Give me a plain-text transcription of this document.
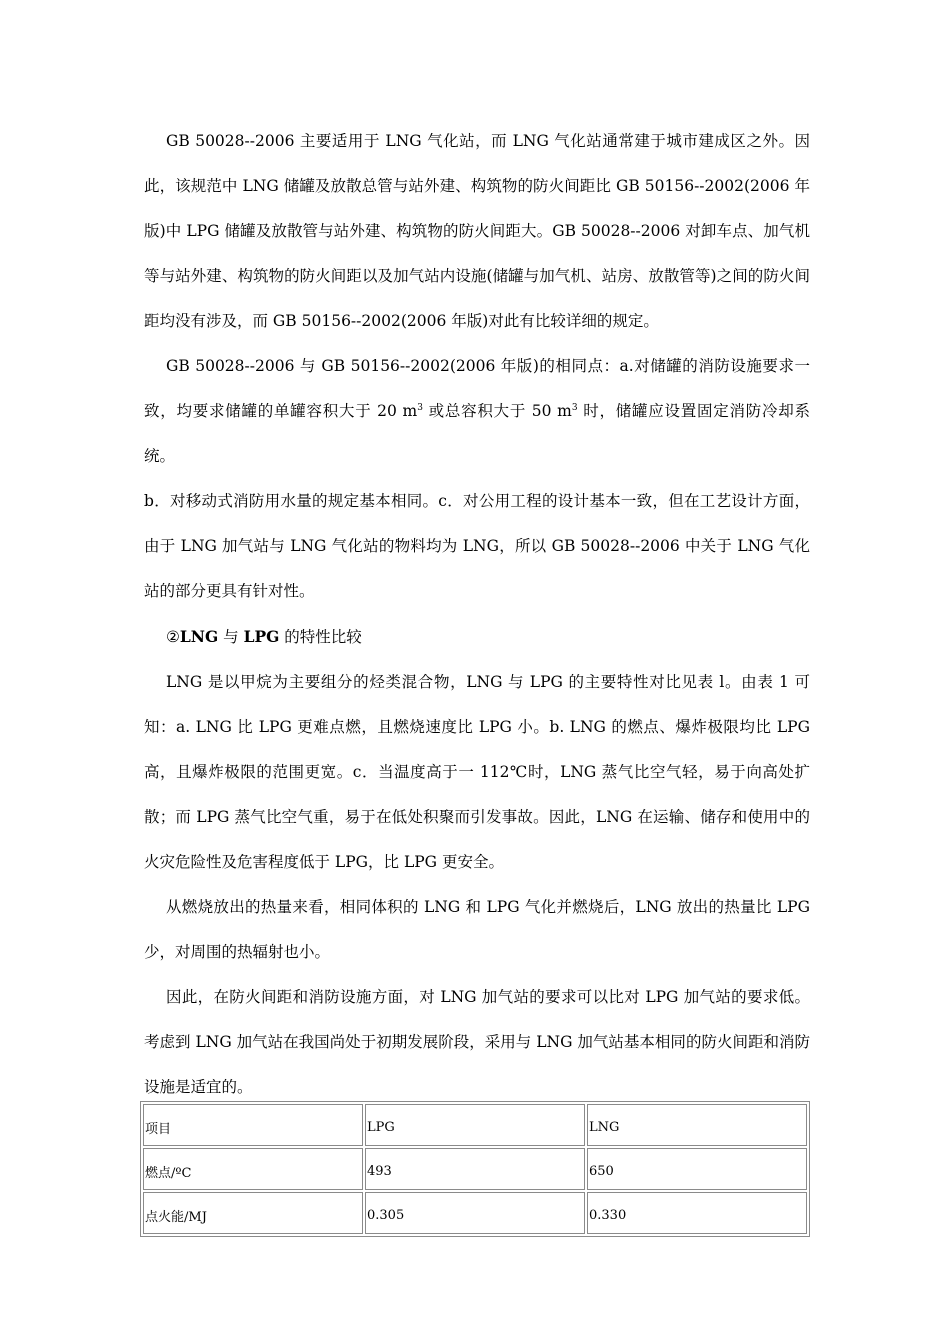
GB 50028--2006 主要适用于 LNG 气化站，而 LNG 气化站通常建于城市建成区之外。因此，该规范中 LNG 储罐及放散总管与站外建、构筑物的防火间距比 GB 50156--2002(2006 年版)中 LPG 储罐及放散管与站外建、构筑物的防火间距大。GB 50028--2006 对卸车点、加气机等与站外建、构筑物的防火间距以及加气站内设施(储罐与加气机、站房、放散管等)之间的防火间距均没有涉及，而 GB 50156--2002(2006 年版)对此有比较详细的规定。

GB 50028--2006 与 GB 50156--2002(2006 年版)的相同点：a.对储罐的消防设施要求一致，均要求储罐的单罐容积大于 20 $m^3$ 或总容积大于 50 $m^3$ 时，储罐应设置固定消防冷却系统。

b．对移动式消防用水量的规定基本相同。c．对公用工程的设计基本一致，但在工艺设计方面，由于 LNG 加气站与 LNG 气化站的物料均为 LNG，所以 GB 50028--2006 中关于 LNG 气化站的部分更具有针对性。

②LNG 与 LPG 的特性比较

LNG 是以甲烷为主要组分的烃类混合物，LNG 与 LPG 的主要特性对比见表 l。由表 1 可知：a. LNG 比 LPG 更难点燃，且燃烧速度比 LPG 小。b. LNG 的燃点、爆炸极限均比 LPG 高，且爆炸极限的范围更宽。c．当温度高于一 112℃时，LNG 蒸气比空气轻，易于向高处扩散；而 LPG 蒸气比空气重，易于在低处积聚而引发事故。因此，LNG 在运输、储存和使用中的火灾危险性及危害程度低于 LPG，比 LPG 更安全。

从燃烧放出的热量来看，相同体积的 LNG 和 LPG 气化并燃烧后，LNG 放出的热量比 LPG 少，对周围的热辐射也小。

因此，在防火间距和消防设施方面，对 LNG 加气站的要求可以比对 LPG 加气站的要求低。考虑到 LNG 加气站在我国尚处于初期发展阶段，采用与 LNG 加气站基本相同的防火间距和消防设施是适宜的。

项目	LPG	LNG
燃点/ºC	493	650
点火能/MJ	0.305	0.330
